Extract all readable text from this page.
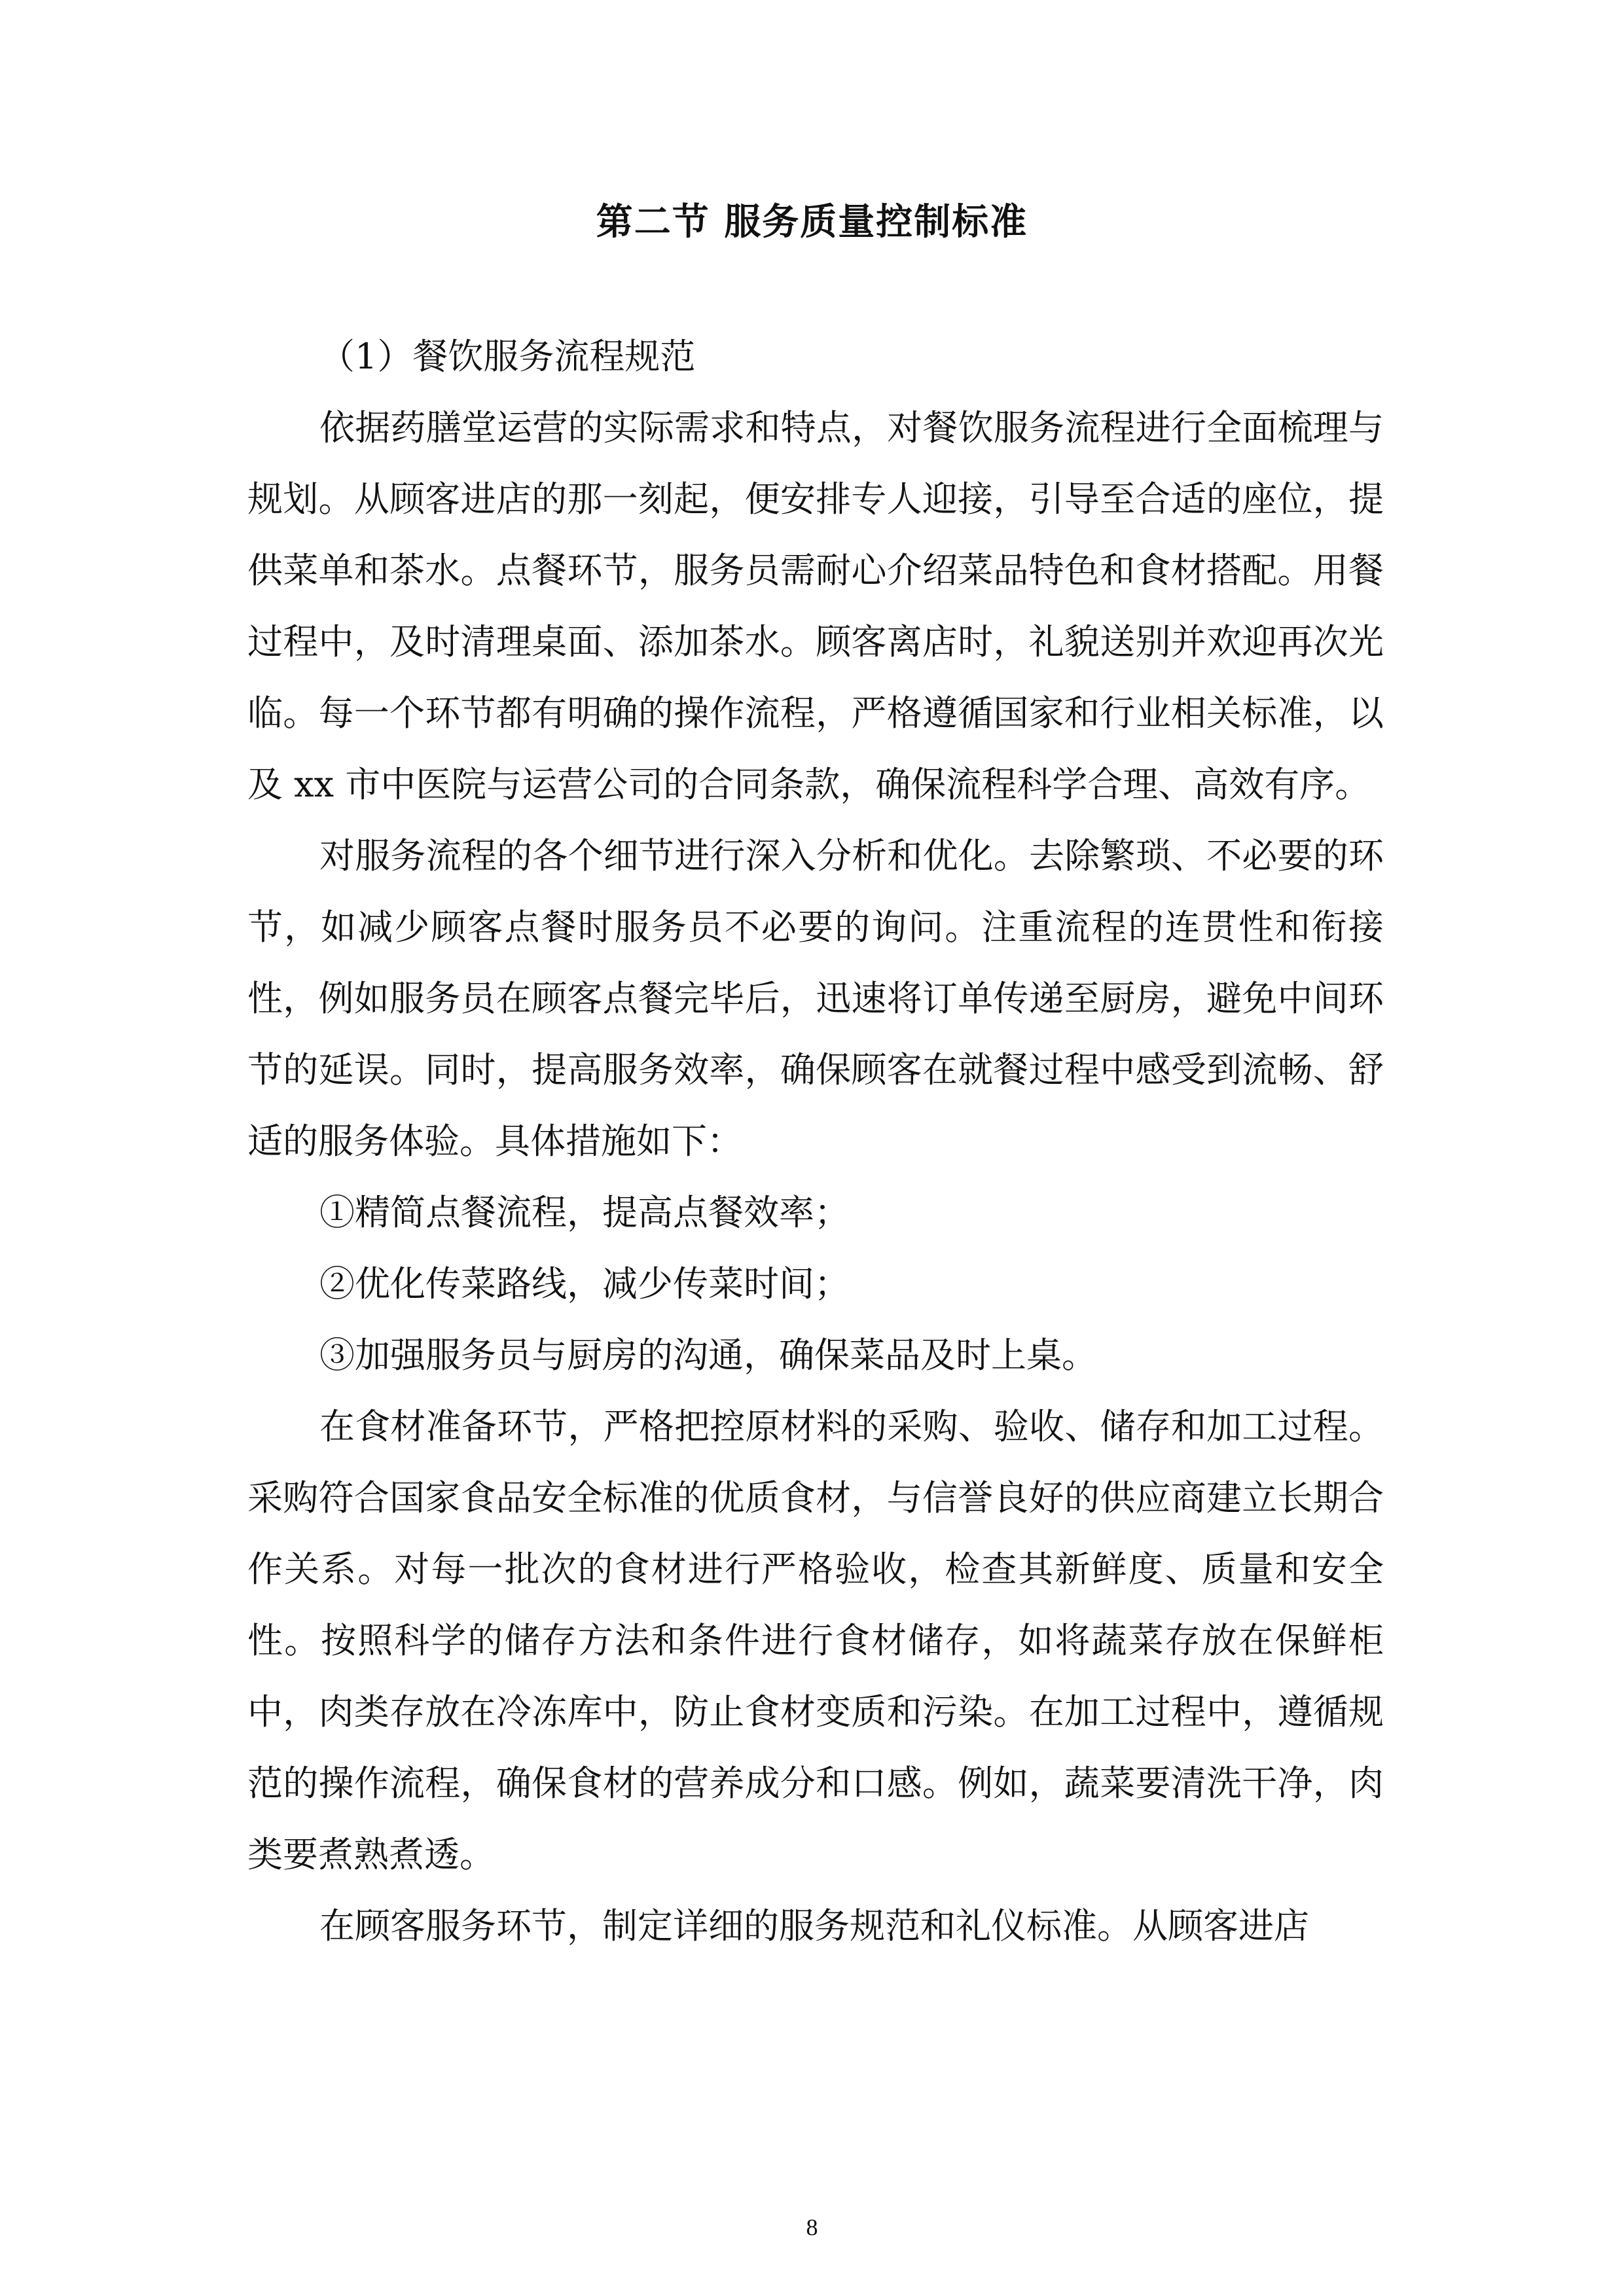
第二节 服务质量控制标准

（1）餐饮服务流程规范

依据药膳堂运营的实际需求和特点，对餐饮服务流程进行全面梳理与规划。从顾客进店的那一刻起，便安排专人迎接，引导至合适的座位，提供菜单和茶水。点餐环节，服务员需耐心介绍菜品特色和食材搭配。用餐过程中，及时清理桌面、添加茶水。顾客离店时，礼貌送别并欢迎再次光临。每一个环节都有明确的操作流程，严格遵循国家和行业相关标准，以及 xx 市中医院与运营公司的合同条款，确保流程科学合理、高效有序。

对服务流程的各个细节进行深入分析和优化。去除繁琐、不必要的环节，如减少顾客点餐时服务员不必要的询问。注重流程的连贯性和衔接性，例如服务员在顾客点餐完毕后，迅速将订单传递至厨房，避免中间环节的延误。同时，提高服务效率，确保顾客在就餐过程中感受到流畅、舒适的服务体验。具体措施如下：

①精简点餐流程，提高点餐效率；

②优化传菜路线，减少传菜时间；

③加强服务员与厨房的沟通，确保菜品及时上桌。

在食材准备环节，严格把控原材料的采购、验收、储存和加工过程。采购符合国家食品安全标准的优质食材，与信誉良好的供应商建立长期合作关系。对每一批次的食材进行严格验收，检查其新鲜度、质量和安全性。按照科学的储存方法和条件进行食材储存，如将蔬菜存放在保鲜柜中，肉类存放在冷冻库中，防止食材变质和污染。在加工过程中，遵循规范的操作流程，确保食材的营养成分和口感。例如，蔬菜要清洗干净，肉类要煮熟煮透。

在顾客服务环节，制定详细的服务规范和礼仪标准。从顾客进店

8
